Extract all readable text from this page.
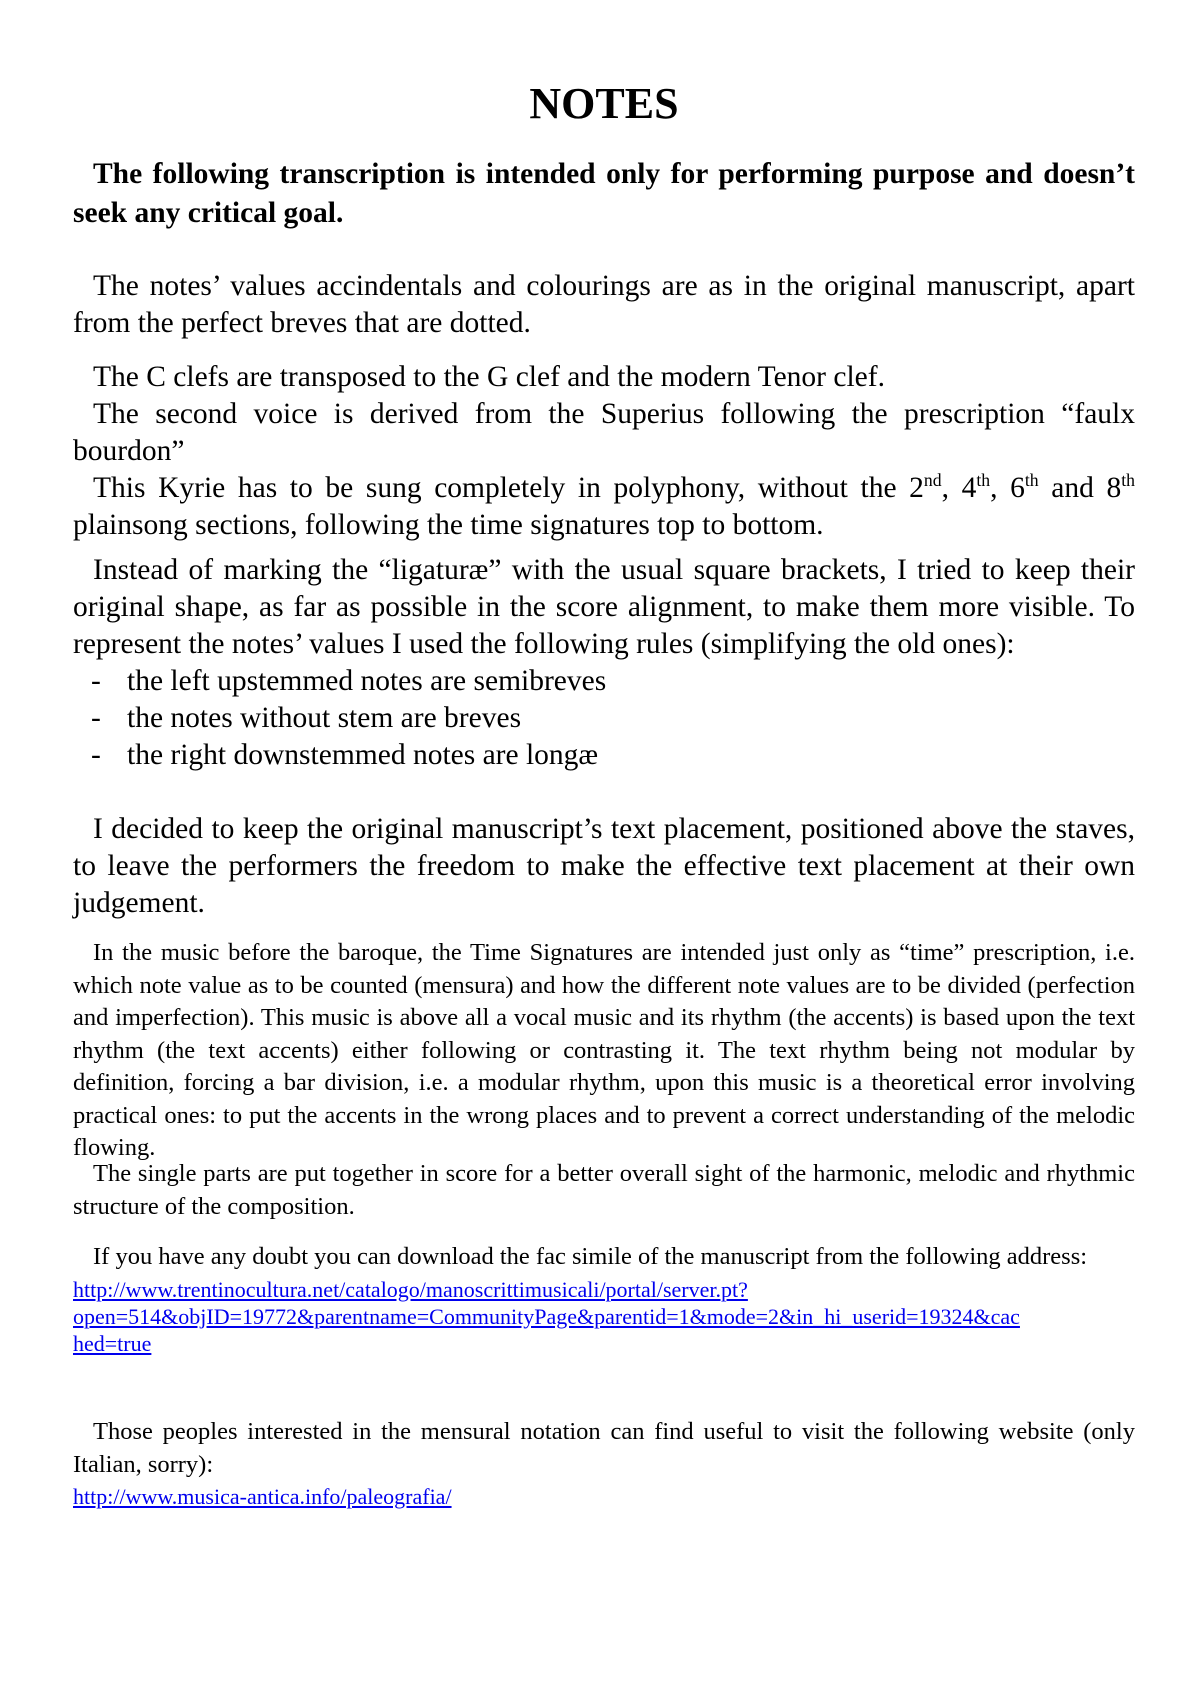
NOTES

The following transcription is intended only for performing purpose and doesn’t seek any critical goal.

The notes’ values accindentals and colourings are as in the original manuscript, apart from the perfect breves that are dotted.

The C clefs are transposed to the G clef and the modern Tenor clef.

The second voice is derived from the Superius following the prescription “faulx bourdon”

This Kyrie has to be sung completely in polyphony, without the 2nd, 4th, 6th and 8th plainsong sections, following the time signatures top to bottom.

Instead of marking the “ligaturæ” with the usual square brackets, I tried to keep their original shape, as far as possible in the score alignment, to make them more visible. To represent the notes’ values I used the following rules (simplifying the old ones):

- the left upstemmed notes are semibreves
- the notes without stem are breves
- the right downstemmed notes are longæ

I decided to keep the original manuscript’s text placement, positioned above the staves, to leave the performers the freedom to make the effective text placement at their own judgement.

In the music before the baroque, the Time Signatures are intended just only as “time” prescription, i.e. which note value as to be counted (mensura) and how the different note values are to be divided (perfection and imperfection). This music is above all a vocal music and its rhythm (the accents) is based upon the text rhythm (the text accents) either following or contrasting it. The text rhythm being not modular by definition, forcing a bar division, i.e. a modular rhythm, upon this music is a theoretical error involving practical ones: to put the accents in the wrong places and to prevent a correct understanding of the melodic flowing.

The single parts are put together in score for a better overall sight of the harmonic, melodic and rhythmic structure of the composition.

If you have any doubt you can download the fac simile of the manuscript from the following address:

http://www.trentinocultura.net/catalogo/manoscrittimusicali/portal/server.pt?
open=514&objID=19772&parentname=CommunityPage&parentid=1&mode=2&in_hi_userid=19324&cac
hed=true

Those peoples interested in the mensural notation can find useful to visit the following website (only Italian, sorry):

http://www.musica-antica.info/paleografia/
